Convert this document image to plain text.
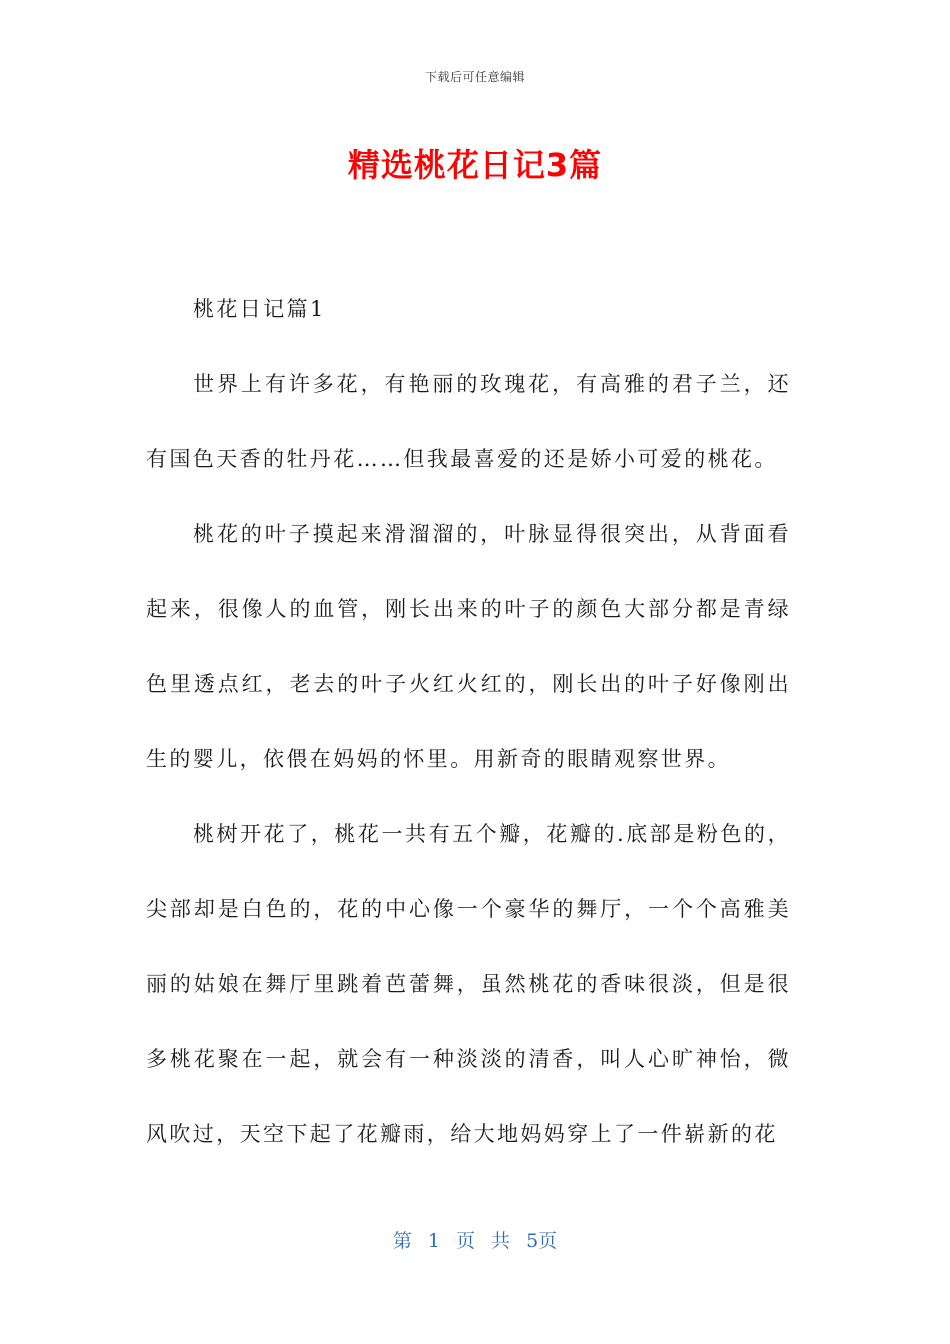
下载后可任意编辑
精选桃花日记3篇

桃花日记篇1

世界上有许多花，有艳丽的玫瑰花，有高雅的君子兰，还有国色天香的牡丹花……但我最喜爱的还是娇小可爱的桃花。

桃花的叶子摸起来滑溜溜的，叶脉显得很突出，从背面看起来，很像人的血管，刚长出来的叶子的颜色大部分都是青绿色里透点红，老去的叶子火红火红的，刚长出的叶子好像刚出生的婴儿，依偎在妈妈的怀里。用新奇的眼睛观察世界。

桃树开花了，桃花一共有五个瓣，花瓣的.底部是粉色的，尖部却是白色的，花的中心像一个豪华的舞厅，一个个高雅美丽的姑娘在舞厅里跳着芭蕾舞，虽然桃花的香味很淡，但是很多桃花聚在一起，就会有一种淡淡的清香，叫人心旷神怡，微风吹过，天空下起了花瓣雨，给大地妈妈穿上了一件崭新的花

第 1 页 共 5页
